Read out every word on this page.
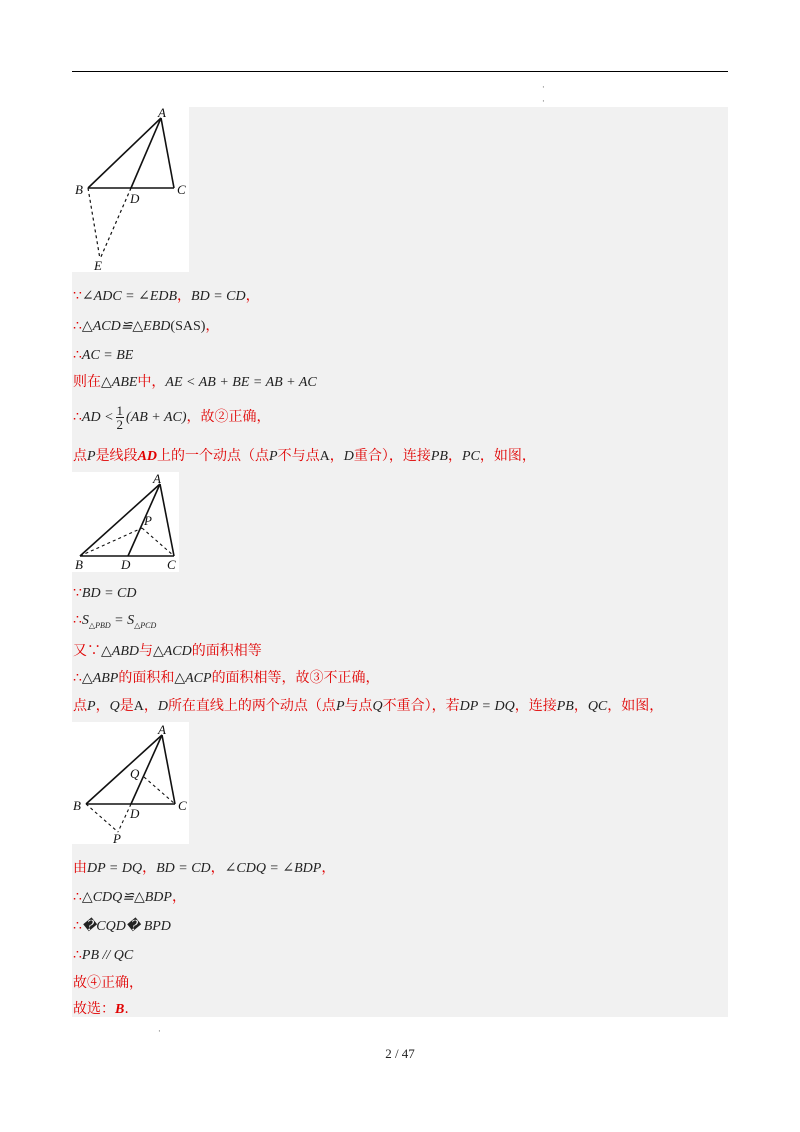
·
·
A
B	C
D
E
∵∠ADC = ∠EDB，BD = CD，
∴△ACD≌△EBD(SAS)，
∴AC = BE
则在△ABE中，AE < AB + BE = AB + AC
∴AD < $\frac{1}{2} (AB + AC)$，故②正确，
点P是线段AD上的一个动点（点P不与点A，D重合），连接PB，PC，如图，
A
B	C
D
P
∵BD = CD
$\therefore S_{\triangle PBD} = S_{\triangle PCD}$
又∵△ABD与△ACD的面积相等
∴△ABP的面积和△ACP的面积相等，故③不正确，
点P，Q是A，D所在直线上的两个动点（点P与点Q不重合），若DP = DQ，连接PB，QC，如图，
A
B	C
D
Q
P
由DP = DQ，BD = CD，∠CDQ = ∠BDP，
∴△CDQ≌△BDP，
∴�CQD� BPD
∴PB // QC
故④正确，
故选：B.
·
2 / 47
